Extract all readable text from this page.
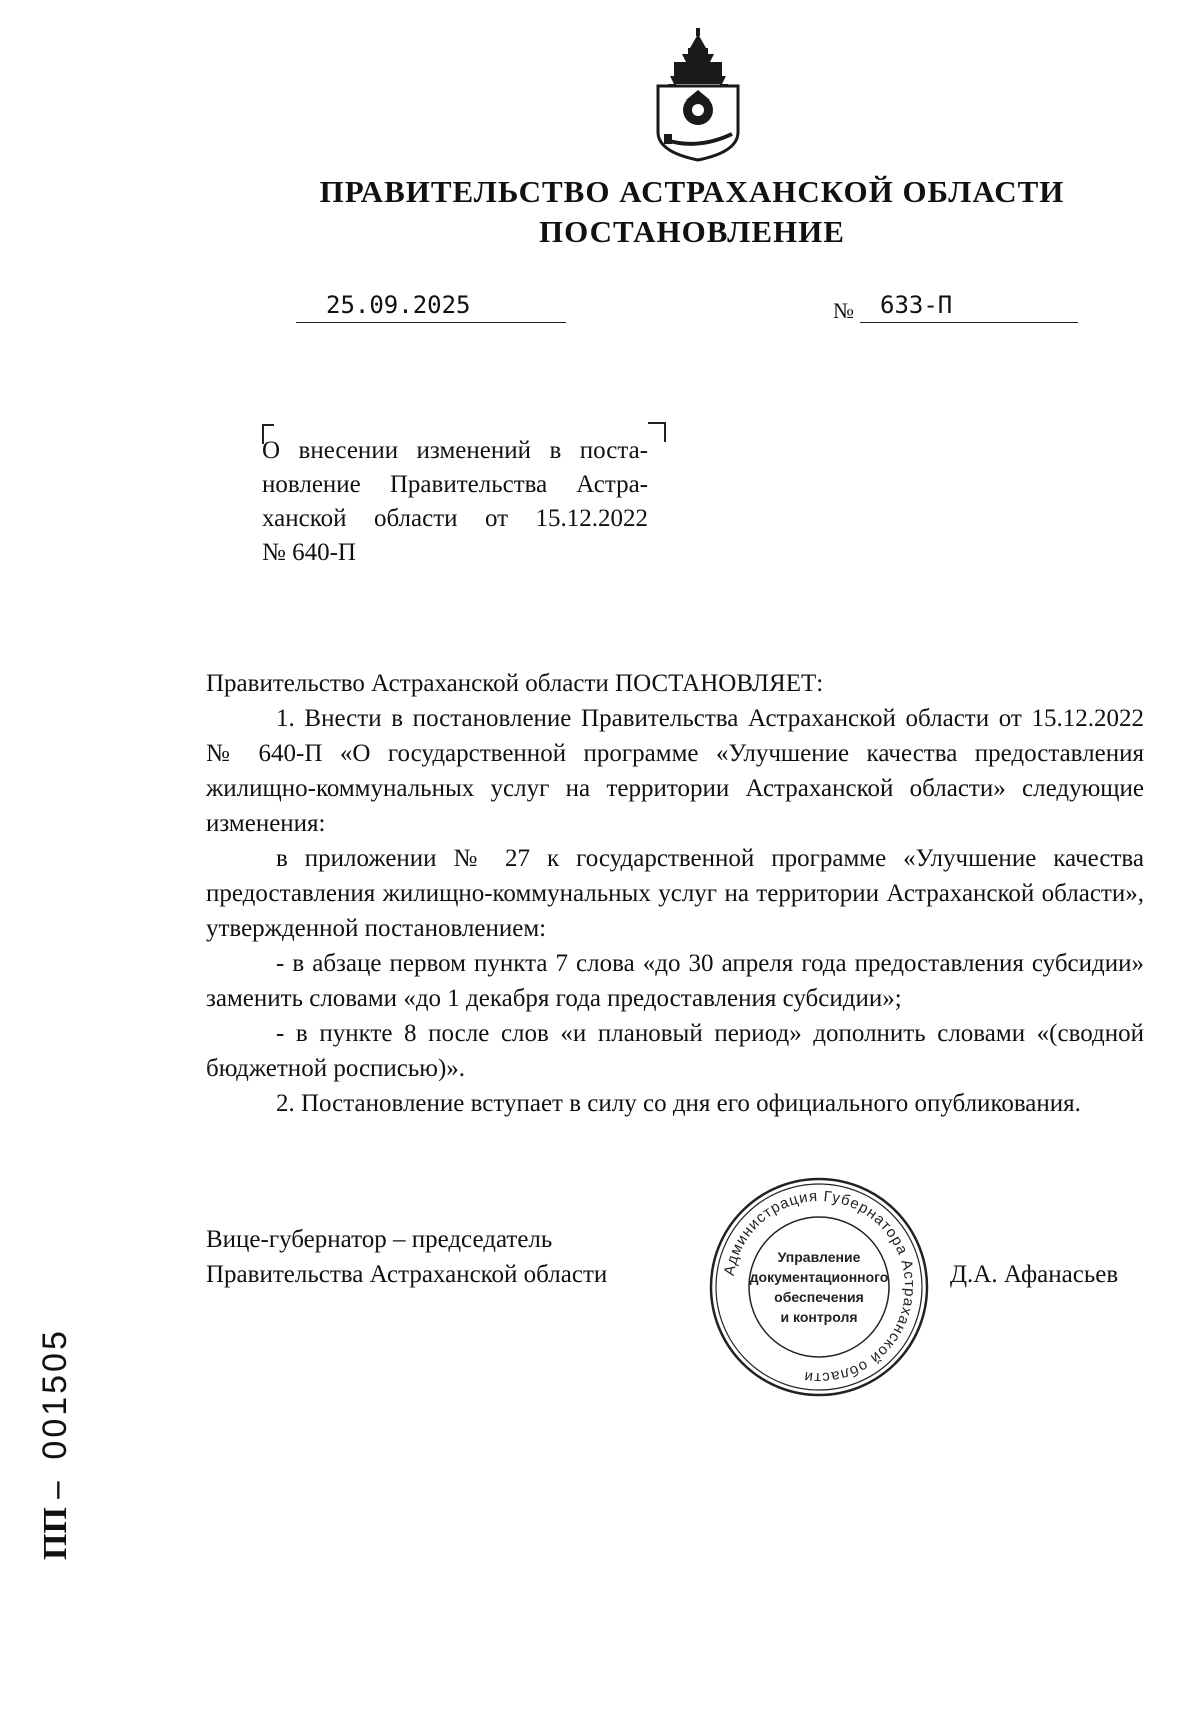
ПРАВИТЕЛЬСТВО АСТРАХАНСКОЙ ОБЛАСТИ
ПОСТАНОВЛЕНИЕ
25.09.2025	№ 633-П
О внесении изменений в поста-
новление Правительства Астра-
ханской области от 15.12.2022
№ 640-П

Правительство Астраханской области ПОСТАНОВЛЯЕТ:

1. Внести в постановление Правительства Астраханской области от 15.12.2022 № 640-П «О государственной программе «Улучшение качества предоставления жилищно-коммунальных услуг на территории Астраханской области» следующие изменения:

в приложении № 27 к государственной программе «Улучшение качества предоставления жилищно-коммунальных услуг на территории Астраханской области», утвержденной постановлением:

- в абзаце первом пункта 7 слова «до 30 апреля года предоставления субсидии» заменить словами «до 1 декабря года предоставления субсидии»;

- в пункте 8 после слов «и плановый период» дополнить словами «(сводной бюджетной росписью)».

2. Постановление вступает в силу со дня его официального опубликования.

Вице-губернатор – председатель
Правительства Астраханской области	Администрация Губернатора Астраханской области
Управление
документационного
обеспечения
и контроля
Д.А. Афанасьев
ПП –001505
